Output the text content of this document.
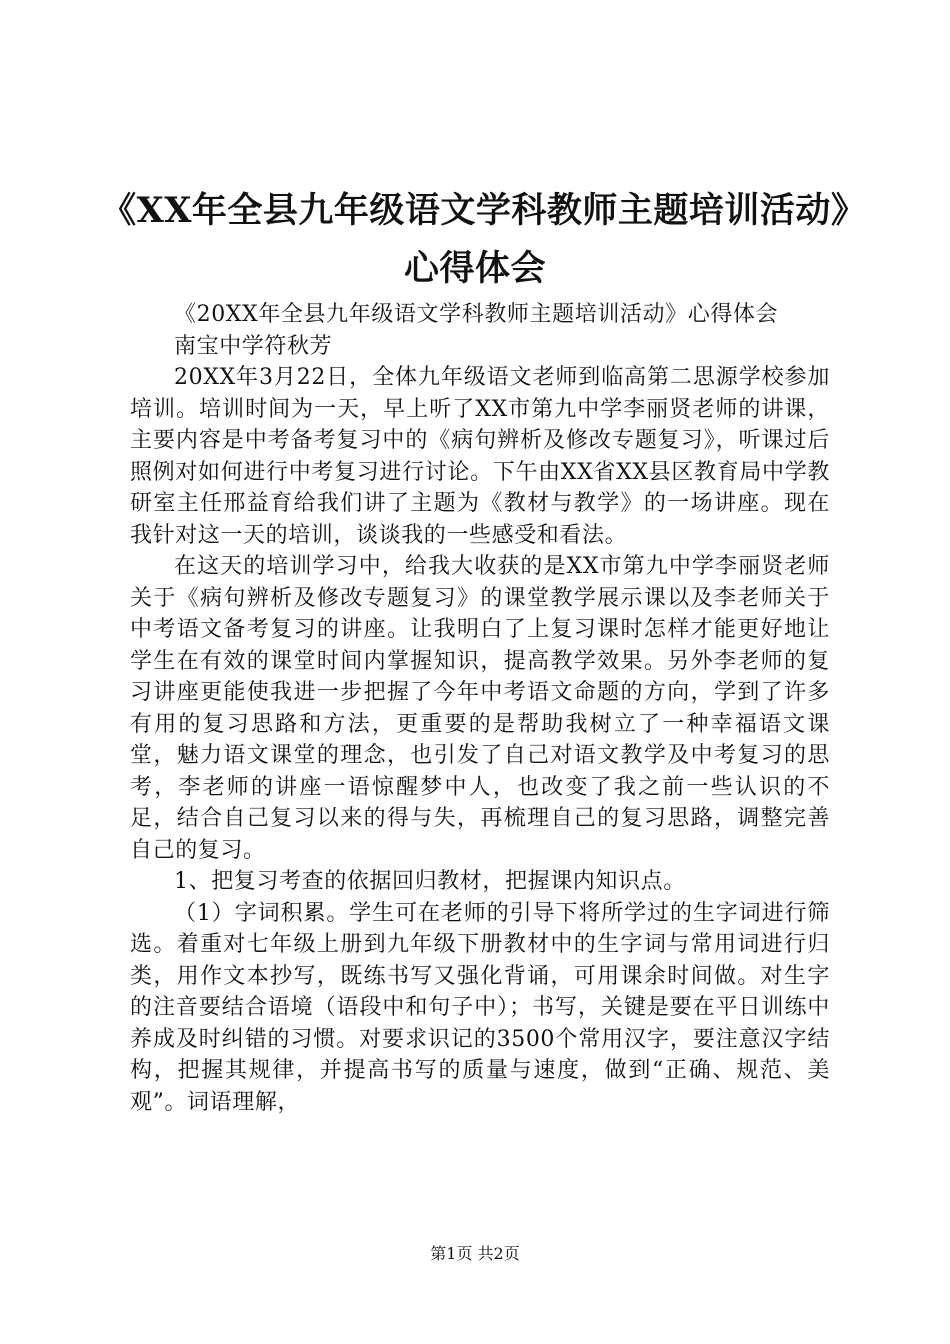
《XX年全县九年级语文学科教师主题培训活动》心得体会

《20XX年全县九年级语文学科教师主题培训活动》心得体会

南宝中学符秋芳

20XX年3月22日，全体九年级语文老师到临高第二思源学校参加培训。培训时间为一天，早上听了XX市第九中学李丽贤老师的讲课，主要内容是中考备考复习中的《病句辨析及修改专题复习》，听课过后照例对如何进行中考复习进行讨论。下午由XX省XX县区教育局中学教研室主任邢益育给我们讲了主题为《教材与教学》的一场讲座。现在我针对这一天的培训，谈谈我的一些感受和看法。

在这天的培训学习中，给我大收获的是XX市第九中学李丽贤老师关于《病句辨析及修改专题复习》的课堂教学展示课以及李老师关于中考语文备考复习的讲座。让我明白了上复习课时怎样才能更好地让学生在有效的课堂时间内掌握知识，提高教学效果。另外李老师的复习讲座更能使我进一步把握了今年中考语文命题的方向，学到了许多有用的复习思路和方法，更重要的是帮助我树立了一种幸福语文课堂，魅力语文课堂的理念，也引发了自己对语文教学及中考复习的思考，李老师的讲座一语惊醒梦中人，也改变了我之前一些认识的不足，结合自己复习以来的得与失，再梳理自己的复习思路，调整完善自己的复习。

1、把复习考查的依据回归教材，把握课内知识点。

（1）字词积累。学生可在老师的引导下将所学过的生字词进行筛选。着重对七年级上册到九年级下册教材中的生字词与常用词进行归类，用作文本抄写，既练书写又强化背诵，可用课余时间做。对生字的注音要结合语境（语段中和句子中）；书写，关键是要在平日训练中养成及时纠错的习惯。对要求识记的3500个常用汉字，要注意汉字结构，把握其规律，并提高书写的质量与速度，做到“正确、规范、美观”。词语理解，

第1页 共2页
